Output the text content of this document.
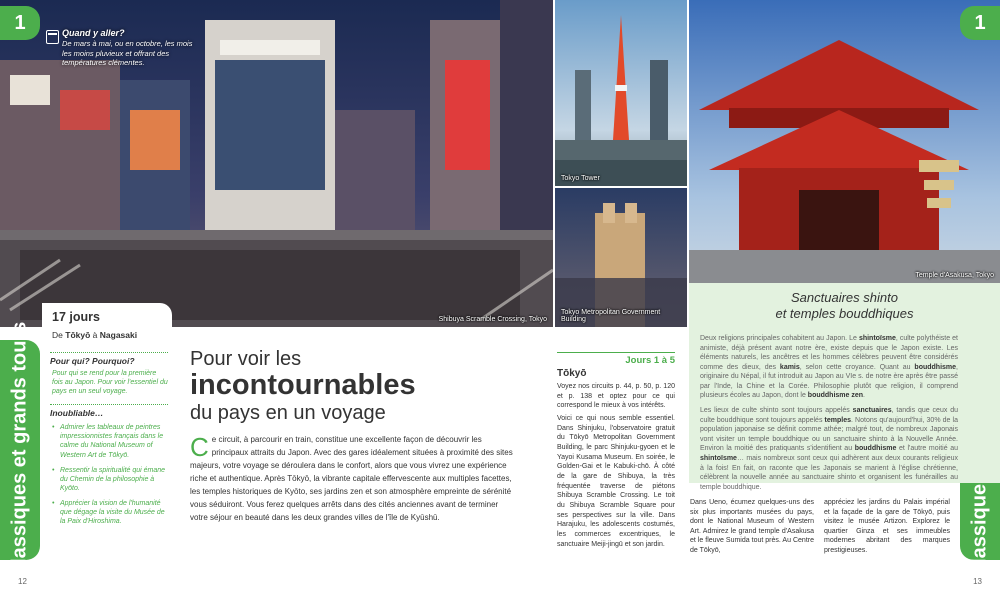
Shibuya Scramble Crossing, Tokyo
Tokyo Tower
Tokyo Metropolitan Government Building
Temple d'Asakusa, Tokyo
1	1
Classiques et grands tours
Quand y aller?
De mars à mai, ou en octobre, les mois les moins pluvieux et offrant des températures clémentes.
17 jours
De Tōkyō à Nagasaki
Pour qui? Pourquoi?
Pour qui se rend pour la première fois au Japon. Pour voir l'essentiel du pays en un seul voyage.
Inoubliable…
• Admirer les tableaux de peintres impressionnistes français dans le calme du National Museum of Western Art de Tōkyō.
• Ressentir la spiritualité qui émane du Chemin de la philosophie à Kyōto.
• Apprécier la vision de l'humanité que dégage la visite du Musée de la Paix d'Hiroshima.
Pour voir les
incontournables
du pays en un voyage
Ce circuit, à parcourir en train, constitue une excellente façon de découvrir les principaux attraits du Japon. Avec des gares idéalement situées à proximité des sites majeurs, votre voyage se déroulera dans le confort, alors que vous vivrez une expérience riche et authentique. Après Tōkyō, la vibrante capitale effervescente aux multiples facettes, les temples historiques de Kyōto, ses jardins zen et son atmosphère empreinte de sérénité vous séduiront. Vous ferez quelques arrêts dans des cités anciennes avant de terminer votre séjour en beauté dans les deux grandes villes de l'île de Kyūshū.
Jours 1 à 5
Tōkyō

Voyez nos circuits p. 44, p. 50, p. 120 et p. 138 et optez pour ce qui correspond le mieux à vos intérêts.

Voici ce qui nous semble essentiel. Dans Shinjuku, l'observatoire gratuit du Tōkyō Metropolitan Government Building, le parc Shinjuku-gyoen et le Yayoi Kusama Museum. En soirée, le Golden-Gai et le Kabuki-chō. À côté de la gare de Shibuya, la très fréquentée traverse de piétons Shibuya Scramble Crossing. Le toit du Shibuya Scramble Square pour ses perspectives sur la ville. Dans Harajuku, les adolescents costumés, les commerces excentriques, le sanctuaire Meiji-jingū et son jardin.

Sanctuaires shinto
et temples bouddhiques

Deux religions principales cohabitent au Japon. Le shintoïsme, culte polythéiste et animiste, déjà présent avant notre ère, existe depuis que le Japon existe. Les éléments naturels, les ancêtres et les hommes célèbres peuvent être considérés comme des dieux, des kamis, selon cette croyance. Quant au bouddhisme, originaire du Népal, il fut introduit au Japon au VIe s. de notre ère après être passé par l'Inde, la Chine et la Corée. Philosophie plutôt que religion, il comprend plusieurs écoles au Japon, dont le bouddhisme zen.

Les lieux de culte shinto sont toujours appelés sanctuaires, tandis que ceux du culte bouddhique sont toujours appelés temples. Notons qu'aujourd'hui, 30% de la population japonaise se définit comme athée; malgré tout, de nombreux Japonais vont visiter un temple bouddhique ou un sanctuaire shinto à la Nouvelle Année. Environ la moitié des pratiquants s'identifient au bouddhisme et l'autre moitié au shintoïsme… mais nombreux sont ceux qui adhèrent aux deux courants religieux à la fois! En fait, on raconte que les Japonais se marient à l'église chrétienne, célèbrent la nouvelle année au sanctuaire shinto et organisent les funérailles au temple bouddhique.

Dans Ueno, écumez quelques-uns des six plus importants musées du pays, dont le National Museum of Western Art. Admirez le grand temple d'Asakusa et le fleuve Sumida tout près. Au Centre de Tōkyō,
appréciez les jardins du Palais impérial et la façade de la gare de Tōkyō, puis visitez le musée Artizon. Explorez le quartier Ginza et ses immeubles modernes abritant des marques prestigieuses.
12	13
